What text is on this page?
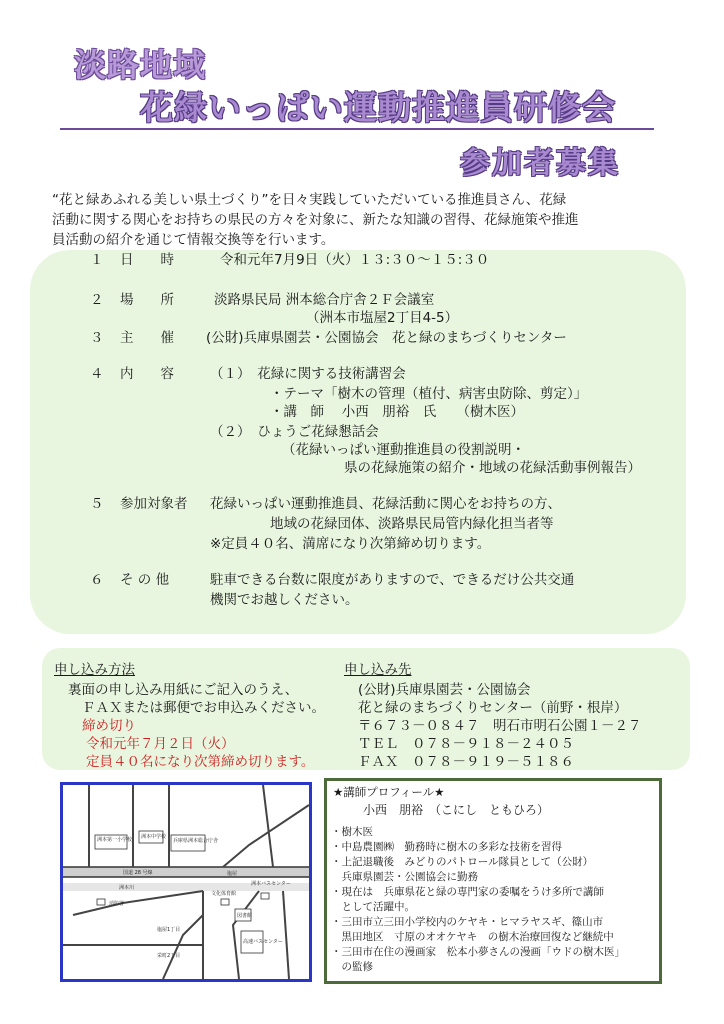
淡路地域
花緑いっぱい運動推進員研修会
参加者募集

“花と緑あふれる美しい県土づくり”を日々実践していただいている推進員さん、花緑

活動に関する関心をお持ちの県民の方々を対象に、新たな知識の習得、花緑施策や推進

員活動の紹介を通じて情報交換等を行います。

１ 日　　時	令和元年7月9日（火）１３:３０～１５:３０
２ 場　　所	淡路県民局 洲本総合庁舎２Ｆ会議室
（洲本市塩屋2丁目4-5）
３ 主　　催 (公財)兵庫県園芸・公園協会　花と緑のまちづくりセンター
４ 内　　容	（１）　花緑に関する技術講習会
・テーマ「樹木の管理（植付、病害虫防除、剪定）」
・講　師　 小西　朋裕　氏　　（樹木医）
（２）　ひょうご花緑懇話会
（花緑いっぱい運動推進員の役割説明・
県の花緑施策の紹介・地域の花緑活動事例報告）
５ 参加対象者 花緑いっぱい運動推進員、花緑活動に関心をお持ちの方、
地域の花緑団体、淡路県民局管内緑化担当者等
※定員４０名、満席になり次第締め切ります。
６ そ の 他	駐車できる台数に限度がありますので、できるだけ公共交通
機関でお越しください。
申し込み方法
裏面の申し込み用紙にご記入のうえ、
ＦＡＸまたは郵便でお申込みください。
締め切り
令和元年７月２日（火）
定員４０名になり次第締め切ります。
申し込み先
(公財)兵庫県園芸・公園協会
花と緑のまちづくりセンター（前野・根岸）
〒６７３－０８４７　明石市明石公園１－２７
ＴＥＬ　０７８－９１８－２４０５
ＦＡＸ　０７８－９１９－５１８６
洲本第一小学校 洲本中学校
兵庫県洲本総合庁舎
国道 28 号線	塩屋
洲本川
洲本バスセンター
文化体育館
消防署
図書館
塩屋1丁目
高速バスセンター
栄町2丁目
★講師プロフィール★
小西　朋裕　（こにし　ともひろ）
・樹木医
・中島農園㈱　勤務時に樹木の多彩な技術を習得
・上記退職後　みどりのパトロール隊員として（公財）
　兵庫県園芸・公園協会に勤務
・現在は　兵庫県花と緑の専門家の委嘱をうけ多所で講師
　として活躍中。
・三田市立三田小学校内のケヤキ・ヒマラヤスギ、篠山市
　黒田地区　寸原のオオケヤキ　の樹木治療回復など継続中
・三田市在住の漫画家　松本小夢さんの漫画「ウドの樹木医」
　の監修
